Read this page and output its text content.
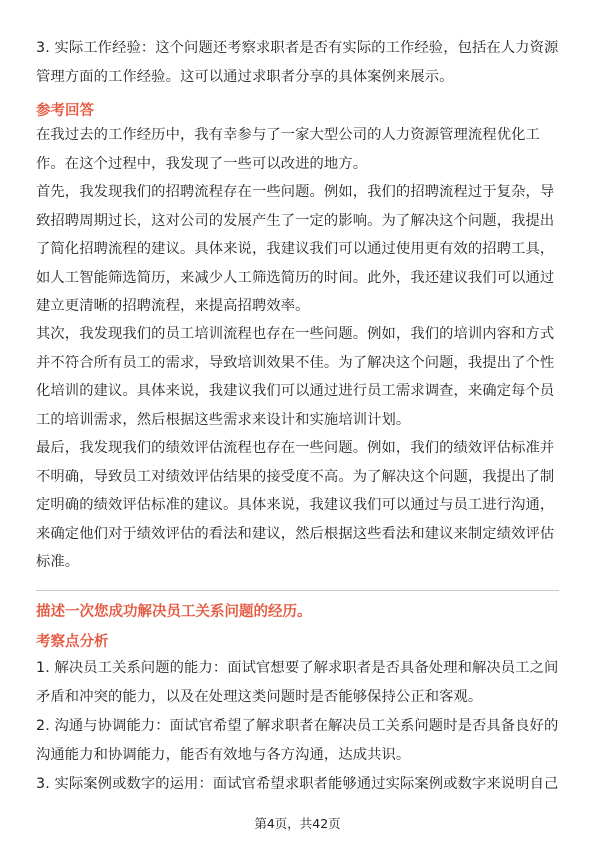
3. 实际工作经验：这个问题还考察求职者是否有实际的工作经验，包括在人力资源
管理方面的工作经验。这可以通过求职者分享的具体案例来展示。

参考回答

在我过去的工作经历中，我有幸参与了一家大型公司的人力资源管理流程优化工
作。在这个过程中，我发现了一些可以改进的地方。

首先，我发现我们的招聘流程存在一些问题。例如，我们的招聘流程过于复杂，导
致招聘周期过长，这对公司的发展产生了一定的影响。为了解决这个问题，我提出
了简化招聘流程的建议。具体来说，我建议我们可以通过使用更有效的招聘工具，
如人工智能筛选简历，来减少人工筛选简历的时间。此外，我还建议我们可以通过
建立更清晰的招聘流程，来提高招聘效率。

其次，我发现我们的员工培训流程也存在一些问题。例如，我们的培训内容和方式
并不符合所有员工的需求，导致培训效果不佳。为了解决这个问题，我提出了个性
化培训的建议。具体来说，我建议我们可以通过进行员工需求调查，来确定每个员
工的培训需求，然后根据这些需求来设计和实施培训计划。

最后，我发现我们的绩效评估流程也存在一些问题。例如，我们的绩效评估标准并
不明确，导致员工对绩效评估结果的接受度不高。为了解决这个问题，我提出了制
定明确的绩效评估标准的建议。具体来说，我建议我们可以通过与员工进行沟通，
来确定他们对于绩效评估的看法和建议，然后根据这些看法和建议来制定绩效评估
标准。

描述一次您成功解决员工关系问题的经历。

考察点分析

1. 解决员工关系问题的能力：面试官想要了解求职者是否具备处理和解决员工之间
矛盾和冲突的能力，以及在处理这类问题时是否能够保持公正和客观。

2. 沟通与协调能力：面试官希望了解求职者在解决员工关系问题时是否具备良好的
沟通能力和协调能力，能否有效地与各方沟通，达成共识。

3. 实际案例或数字的运用：面试官希望求职者能够通过实际案例或数字来说明自己

第4页，共42页
